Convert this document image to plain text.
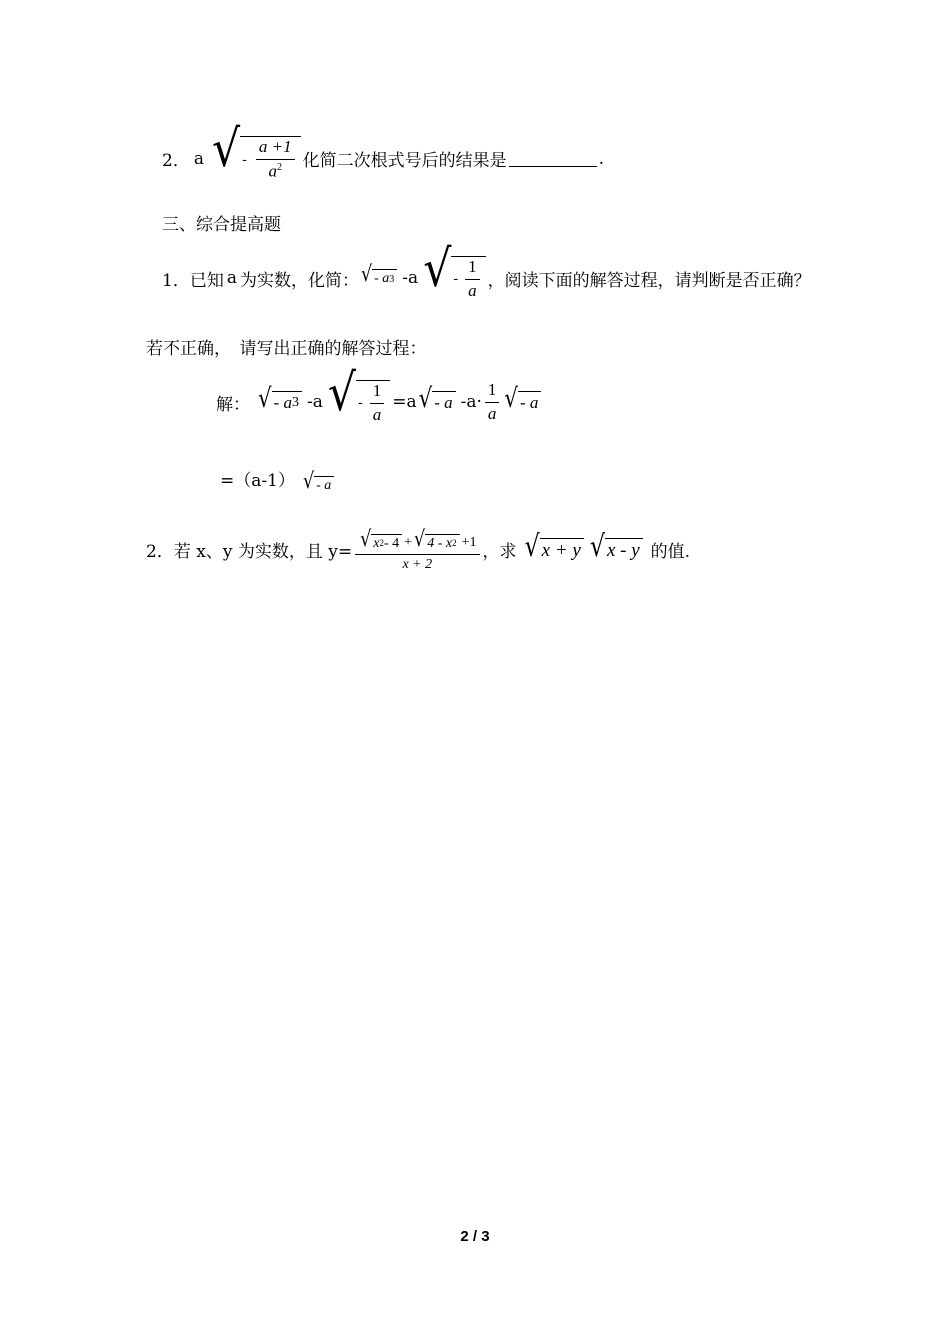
2． a √ - $\frac{a +1}{a^2}$ 化简二次根式号后的结果是	.
三、综合提高题
1． 已知 a 为实数，化简： √ -
a 3 -a √ - $\frac{1}{a}$ ，阅读下面的解答过程，请判断是否正确？
若不正确，　请写出正确的解答过程：
解： √ -
a 3 -a √ - $\frac{1}{a} =a$ √ - a $-a\cdot \frac{1}{a}$ √ - a
=（a-1） √ - a
2． 若 x、y 为实数，且 y=
√ x 2 - 4 + √ 4 - x 2 +1
x + 2
，求 √ x + y √ x - y 的值.
2 / 3
